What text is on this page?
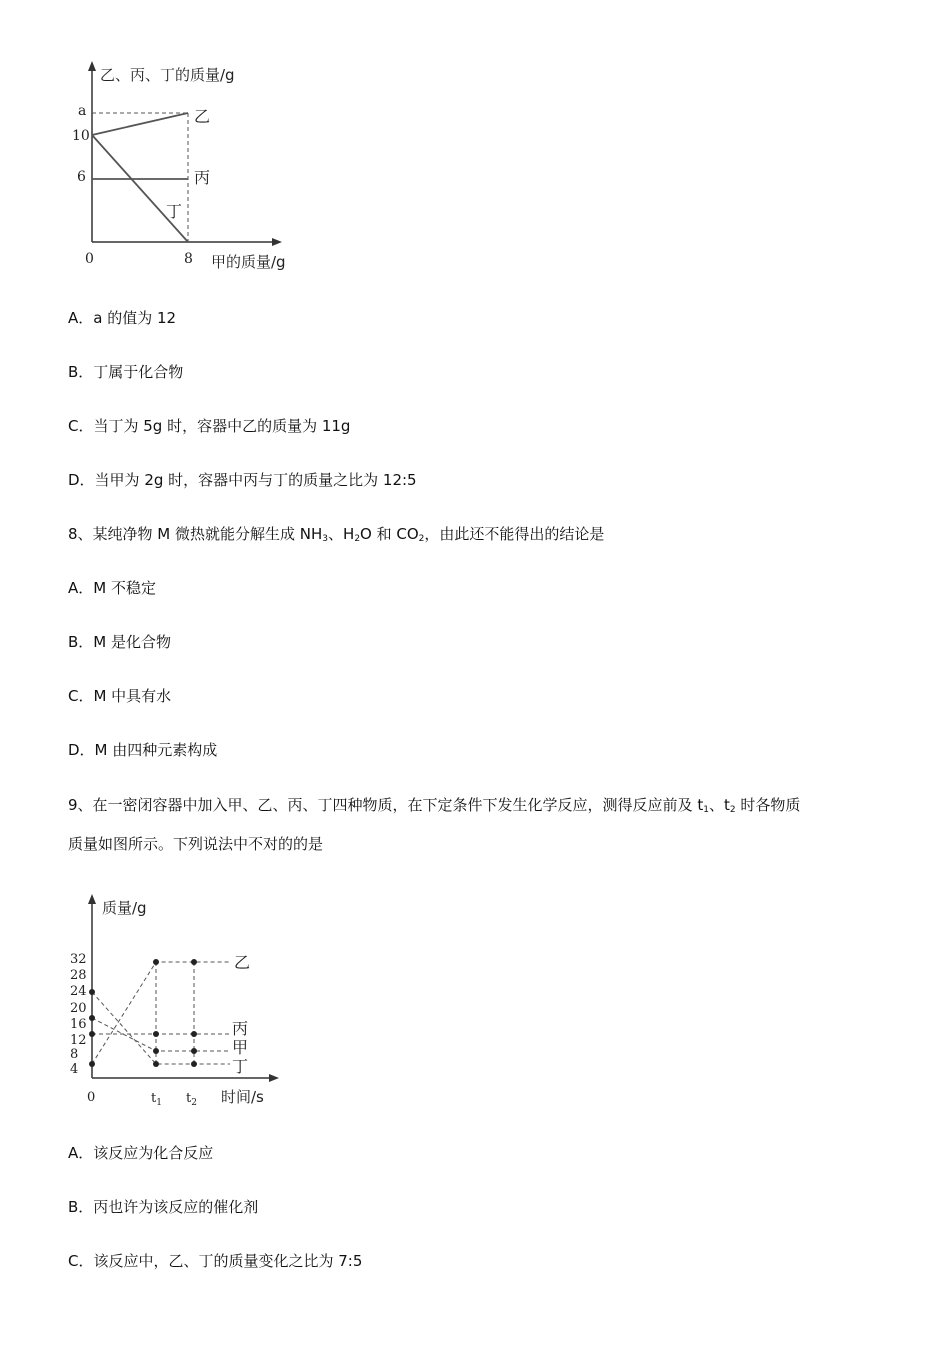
乙、丙、丁的质量/g
甲的质量/g
a
10
6
0	8
乙
丙
丁
A．a 的值为 12
B．丁属于化合物
C．当丁为 5g 时，容器中乙的质量为 11g
D．当甲为 2g 时，容器中丙与丁的质量之比为 12:5
8、某纯净物 M 微热就能分解生成 $NH_3$、$H_2O$ 和 $CO_2$，由此还不能得出的结论是
A．M 不稳定
B．M 是化合物
C．M 中具有水
D．M 由四种元素构成
9、在一密闭容器中加入甲、乙、丙、丁四种物质，在下定条件下发生化学反应，测得反应前及 $t_1$、$t_2$ 时各物质
质量如图所示。下列说法中不对的的是
质量/g
时间/s
32
28
24
20
16
12
8
4
0	$t_1$ $t_2$
乙
丙
甲
丁
A．该反应为化合反应
B．丙也许为该反应的催化剂
C．该反应中，乙、丁的质量变化之比为 7:5
